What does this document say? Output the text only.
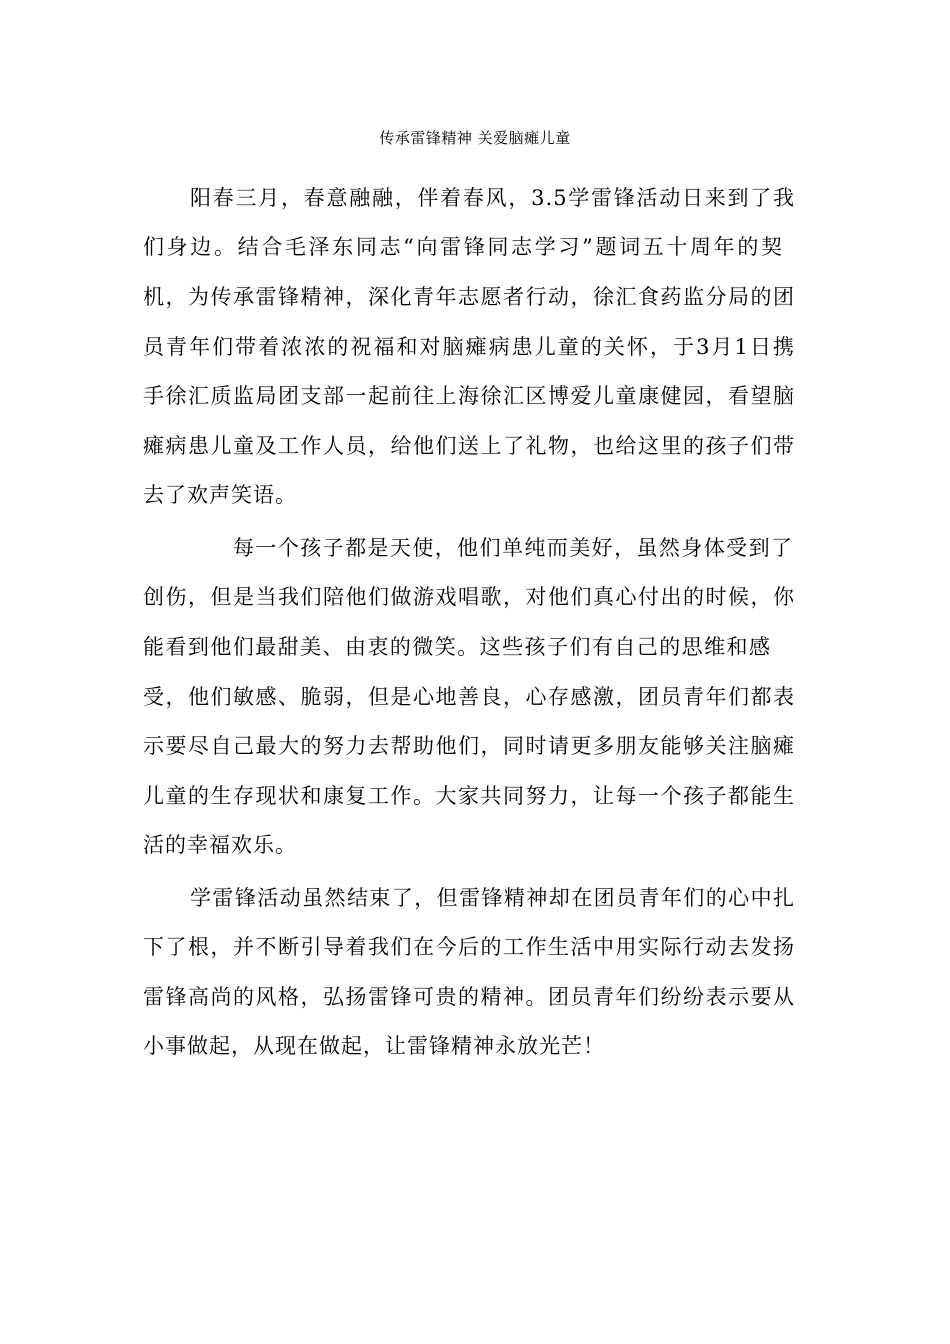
传承雷锋精神 关爱脑瘫儿童
阳春三月，春意融融，伴着春风，3.5学雷锋活动日来到了我
们身边。结合毛泽东同志“向雷锋同志学习”题词五十周年的契
机，为传承雷锋精神，深化青年志愿者行动，徐汇食药监分局的团
员青年们带着浓浓的祝福和对脑瘫病患儿童的关怀，于3月1日携
手徐汇质监局团支部一起前往上海徐汇区博爱儿童康健园，看望脑
瘫病患儿童及工作人员，给他们送上了礼物，也给这里的孩子们带
去了欢声笑语。
每一个孩子都是天使，他们单纯而美好，虽然身体受到了
创伤，但是当我们陪他们做游戏唱歌，对他们真心付出的时候，你
能看到他们最甜美、由衷的微笑。这些孩子们有自己的思维和感
受，他们敏感、脆弱，但是心地善良，心存感激，团员青年们都表
示要尽自己最大的努力去帮助他们，同时请更多朋友能够关注脑瘫
儿童的生存现状和康复工作。大家共同努力，让每一个孩子都能生
活的幸福欢乐。
学雷锋活动虽然结束了，但雷锋精神却在团员青年们的心中扎
下了根，并不断引导着我们在今后的工作生活中用实际行动去发扬
雷锋高尚的风格，弘扬雷锋可贵的精神。团员青年们纷纷表示要从
小事做起，从现在做起，让雷锋精神永放光芒！
